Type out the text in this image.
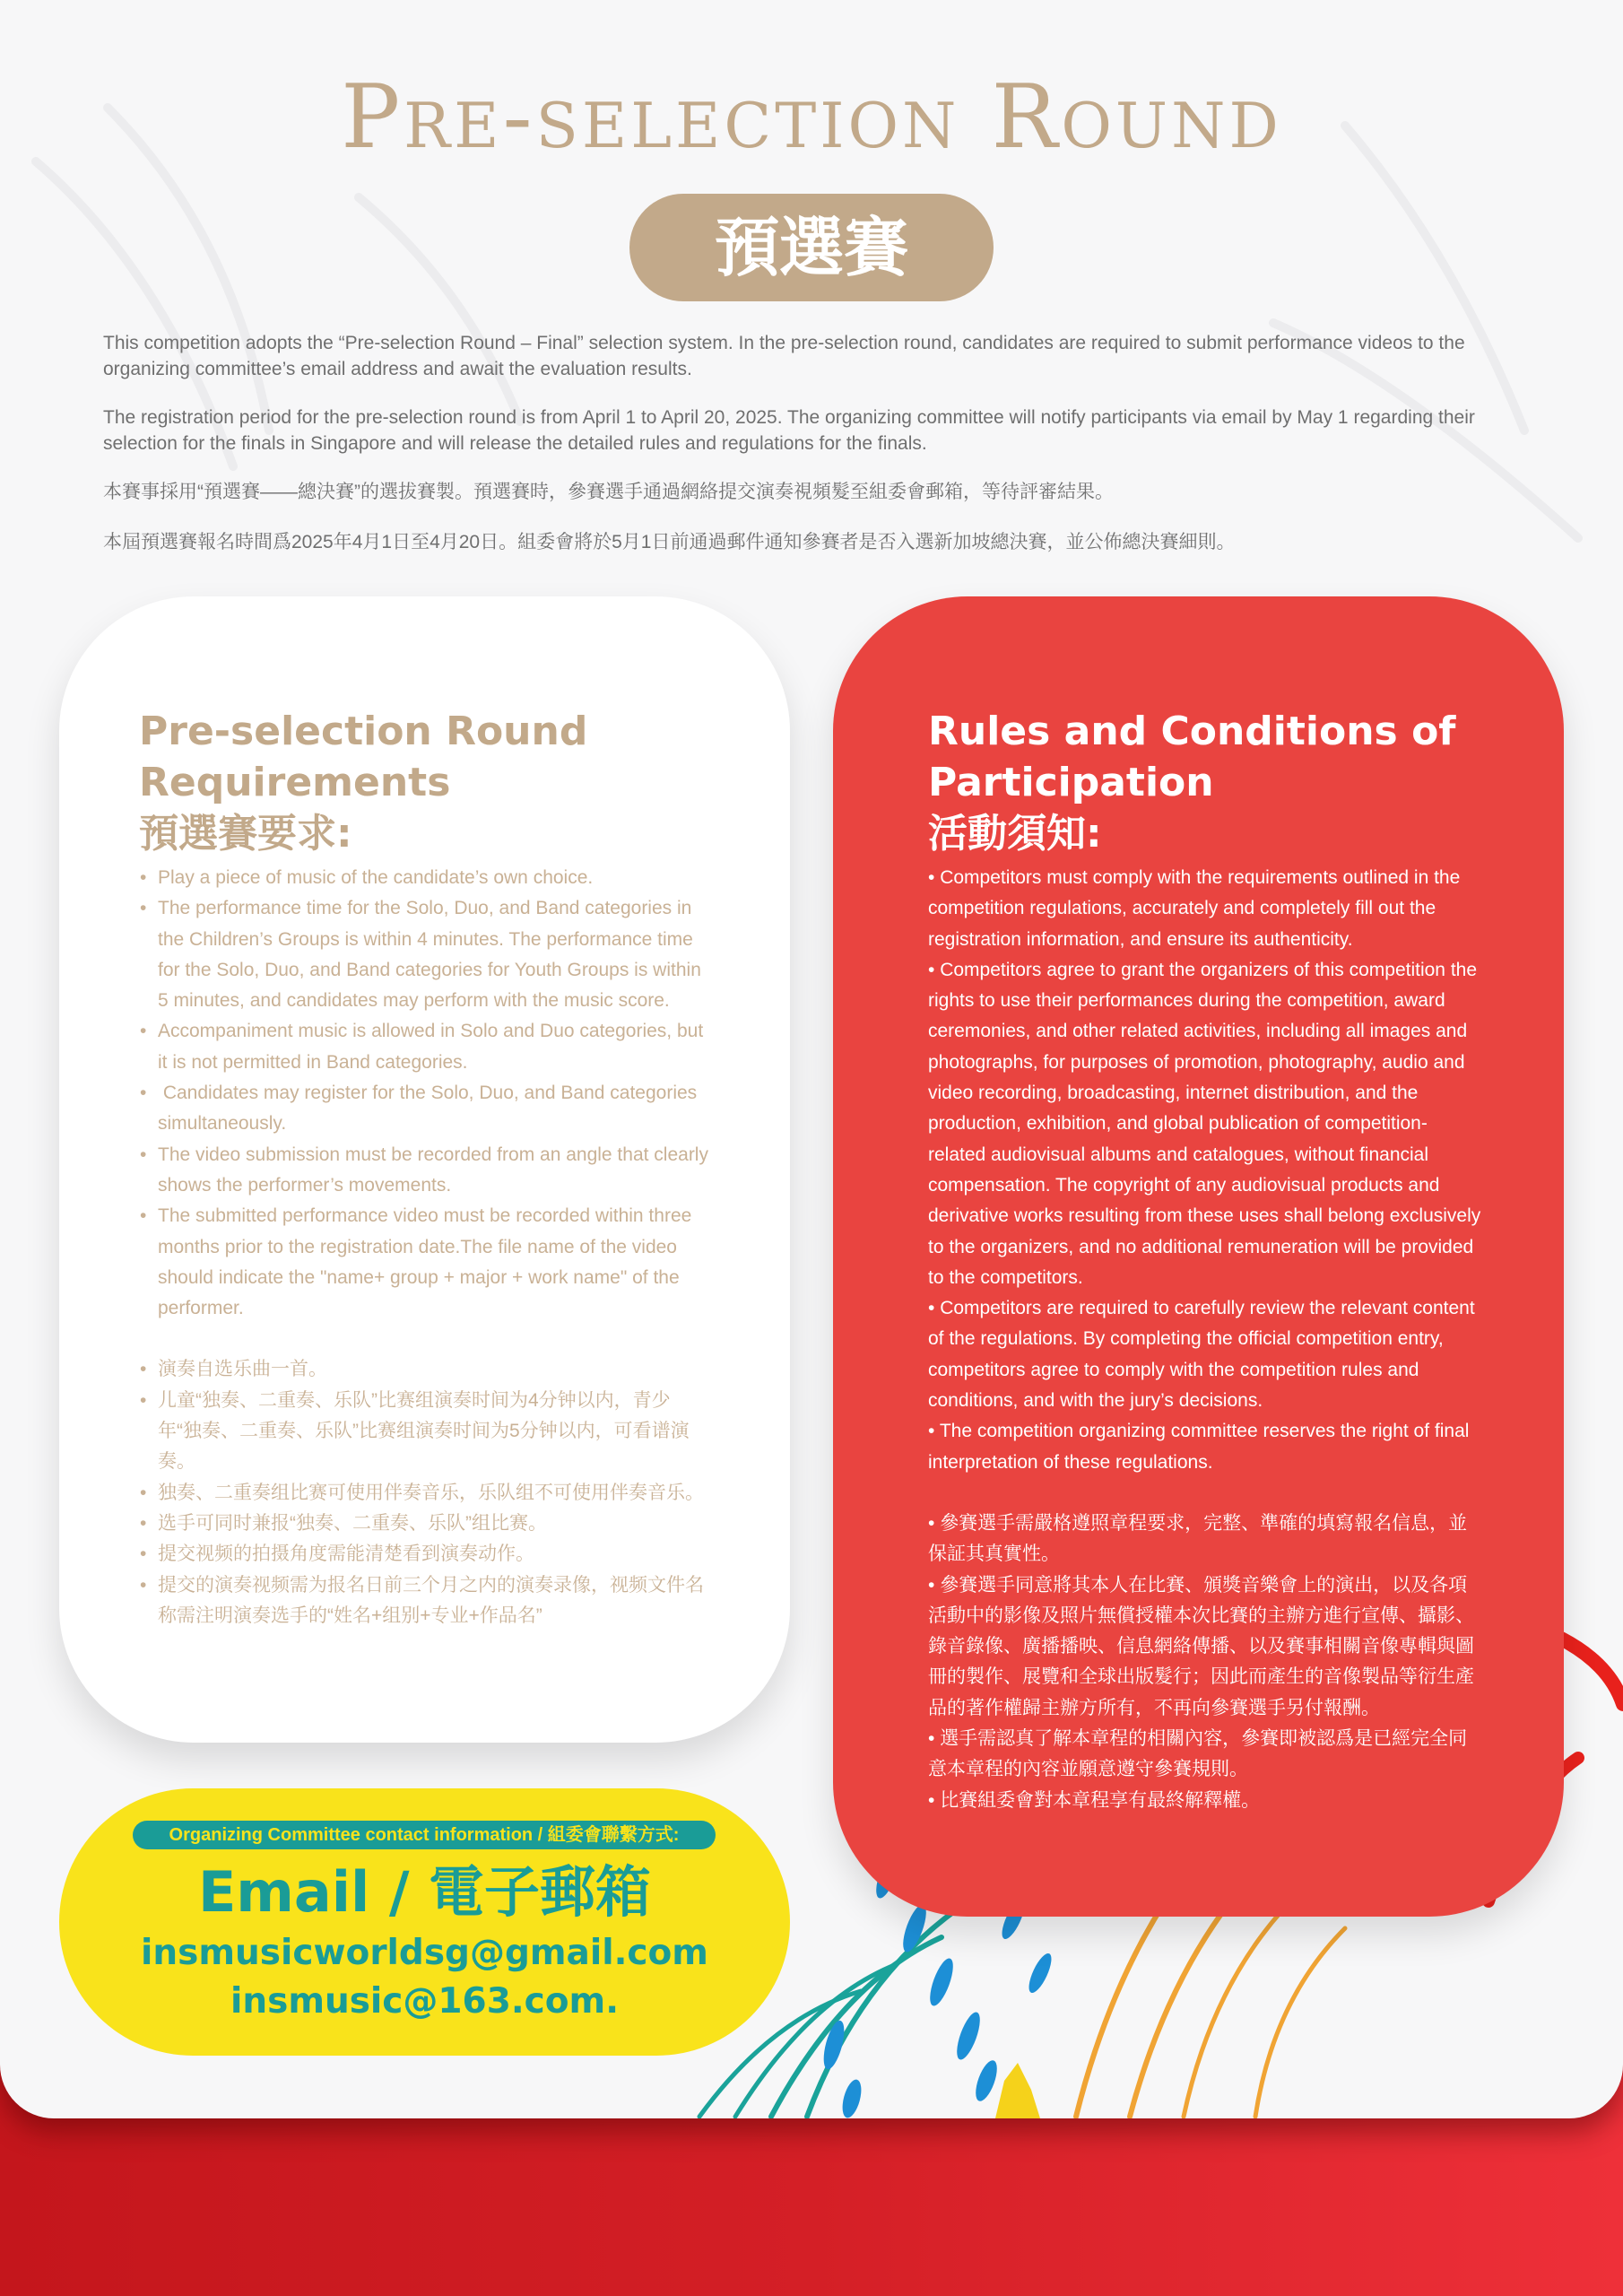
Pre-selection Round
預選賽

This competition adopts the “Pre-selection Round – Final” selection system. In the pre-selection round, candidates are required to submit performance videos to the organizing committee’s email address and await the evaluation results.

The registration period for the pre-selection round is from April 1 to April 20, 2025. The organizing committee will notify participants via email by May 1 regarding their selection for the finals in Singapore and will release the detailed rules and regulations for the finals.

本賽事採用“預選賽——總決賽”的選拔賽製。預選賽時，參賽選手通過網絡提交演奏視頻髮至組委會郵箱，等待評審結果。

本屆預選賽報名時間爲2025年4月1日至4月20日。組委會將於5月1日前通過郵件通知參賽者是否入選新加坡總決賽，並公佈總決賽細則。

Pre-selection Round Requirements
預選賽要求:
• Play a piece of music of the candidate’s own choice.
• The performance time for the Solo, Duo, and Band categories in the Children’s Groups is within 4 minutes. The performance time for the Solo, Duo, and Band categories for Youth Groups is within 5 minutes, and candidates may perform with the music score.
• Accompaniment music is allowed in Solo and Duo categories, but it is not permitted in Band categories.
• Candidates may register for the Solo, Duo, and Band categories simultaneously.
• The video submission must be recorded from an angle that clearly shows the performer’s movements.
• The submitted performance video must be recorded within three months prior to the registration date.The file name of the video should indicate the "name+ group + major + work name" of the performer.
• 演奏自选乐曲一首。
• 儿童“独奏、二重奏、乐队”比赛组演奏时间为4分钟以内，青少年“独奏、二重奏、乐队”比赛组演奏时间为5分钟以内，可看谱演奏。
• 独奏、二重奏组比赛可使用伴奏音乐，乐队组不可使用伴奏音乐。
• 选手可同时兼报“独奏、二重奏、乐队”组比赛。
• 提交视频的拍摄角度需能清楚看到演奏动作。
• 提交的演奏视频需为报名日前三个月之内的演奏录像，视频文件名称需注明演奏选手的“姓名+组别+专业+作品名”
Rules and Conditions of Participation
活動須知:
• Competitors must comply with the requirements outlined in the competition regulations, accurately and completely fill out the registration information, and ensure its authenticity.
• Competitors agree to grant the organizers of this competition the rights to use their performances during the competition, award ceremonies, and other related activities, including all images and photographs, for purposes of promotion, photography, audio and video recording, broadcasting, internet distribution, and the production, exhibition, and global publication of competition-related audiovisual albums and catalogues, without financial compensation. The copyright of any audiovisual products and derivative works resulting from these uses shall belong exclusively to the organizers, and no additional remuneration will be provided to the competitors.
• Competitors are required to carefully review the relevant content of the regulations. By completing the official competition entry, competitors agree to comply with the competition rules and conditions, and with the jury’s decisions.
• The competition organizing committee reserves the right of final interpretation of these regulations.
• 參賽選手需嚴格遵照章程要求，完整、準確的填寫報名信息，並保証其真實性。
• 參賽選手同意將其本人在比賽、頒獎音樂會上的演出，以及各項活動中的影像及照片無償授權本次比賽的主辦方進行宣傳、攝影、錄音錄像、廣播播映、信息網絡傳播、以及賽事相關音像專輯與圖冊的製作、展覽和全球出版髮行；因此而產生的音像製品等衍生產品的著作權歸主辦方所有，不再向參賽選手另付報酬。
• 選手需認真了解本章程的相關內容，參賽即被認爲是已經完全同意本章程的內容並願意遵守參賽規則。
• 比賽組委會對本章程享有最終解釋權。
Organizing Committee contact information / 組委會聯繫方式:
Email / 電子郵箱
insmusicworldsg@gmail.com
insmusic@163.com.
